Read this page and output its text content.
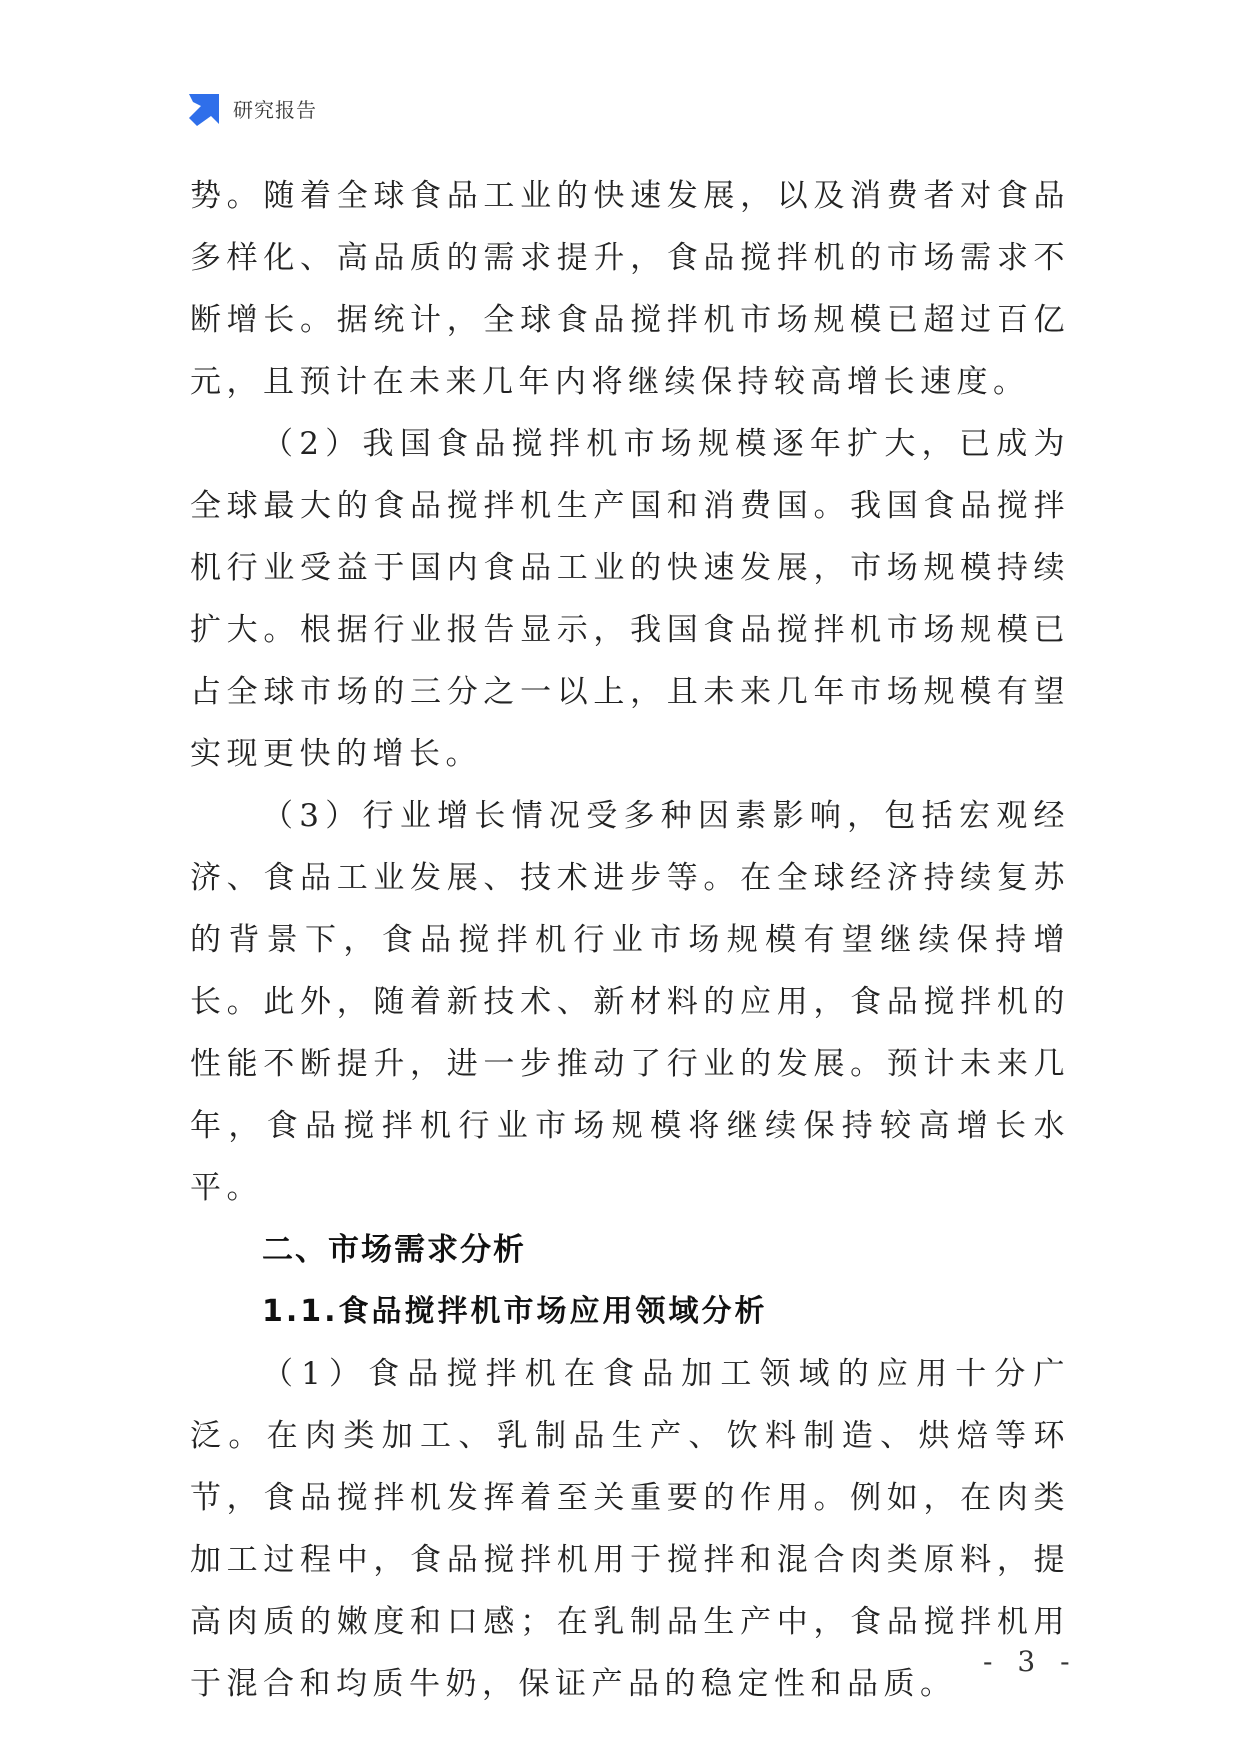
研究报告

势。随着全球食品工业的快速发展，以及消费者对食品多样化、高品质的需求提升，食品搅拌机的市场需求不断增长。据统计，全球食品搅拌机市场规模已超过百亿元，且预计在未来几年内将继续保持较高增长速度。

（2）我国食品搅拌机市场规模逐年扩大，已成为全球最大的食品搅拌机生产国和消费国。我国食品搅拌机行业受益于国内食品工业的快速发展，市场规模持续扩大。根据行业报告显示，我国食品搅拌机市场规模已占全球市场的三分之一以上，且未来几年市场规模有望实现更快的增长。

（3）行业增长情况受多种因素影响，包括宏观经济、食品工业发展、技术进步等。在全球经济持续复苏的背景下，食品搅拌机行业市场规模有望继续保持增长。此外，随着新技术、新材料的应用，食品搅拌机的性能不断提升，进一步推动了行业的发展。预计未来几年，食品搅拌机行业市场规模将继续保持较高增长水平。

二、市场需求分析
1.1.食品搅拌机市场应用领域分析

（1）食品搅拌机在食品加工领域的应用十分广泛。在肉类加工、乳制品生产、饮料制造、烘焙等环节，食品搅拌机发挥着至关重要的作用。例如，在肉类加工过程中，食品搅拌机用于搅拌和混合肉类原料，提高肉质的嫩度和口感；在乳制品生产中，食品搅拌机用于混合和均质牛奶，保证产品的稳定性和品质。

- 3 -
